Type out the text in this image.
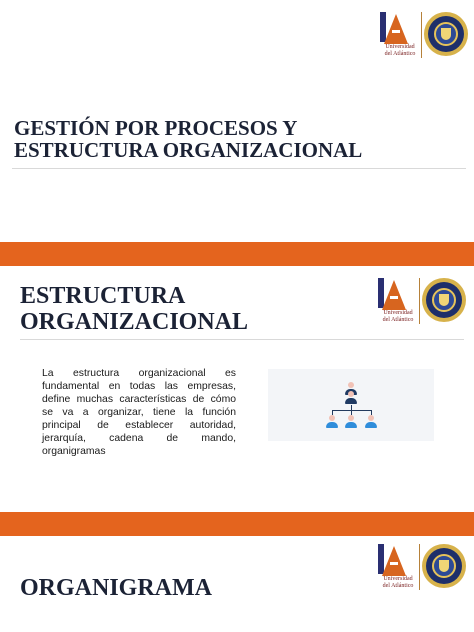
Universidad
del Atlántico
GESTIÓN POR PROCESOS Y
ESTRUCTURA ORGANIZACIONAL
Universidad
del Atlántico
ESTRUCTURA
ORGANIZACIONAL

La estructura organizacional es fundamental en todas las empresas, define muchas características de cómo se va a organizar, tiene la función principal de establecer autoridad, jerarquía, cadena de mando, organigramas

Universidad
del Atlántico
ORGANIGRAMA
